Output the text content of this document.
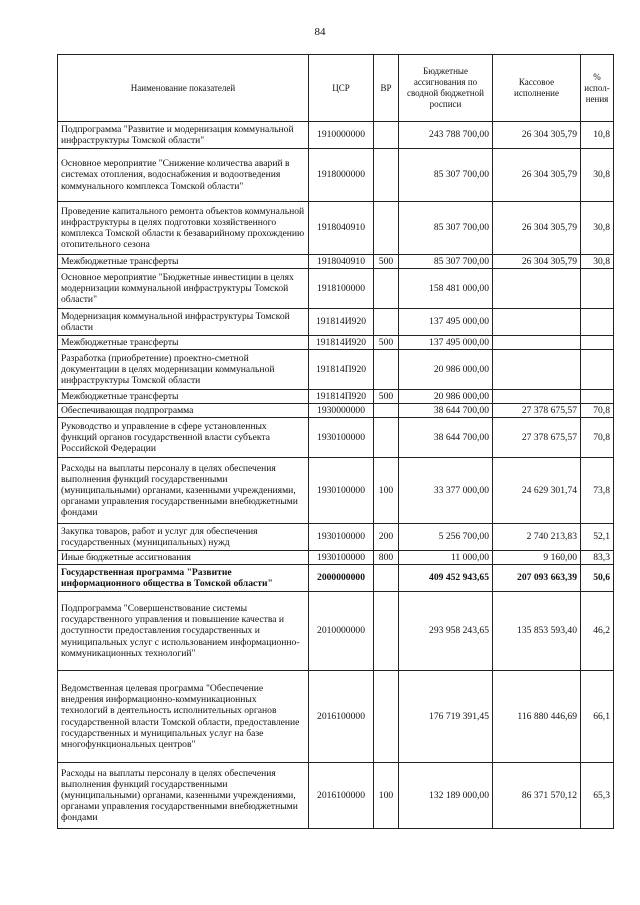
84
Наименование показателей	ЦСР	ВР	Бюджетные ассигнования по сводной бюджетной росписи	Кассовое исполнение	% испол- нения
Подпрограмма "Развитие и модернизация коммунальной инфраструктуры Томской области"	1910000000		243 788 700,00	26 304 305,79	10,8
Основное мероприятие "Снижение количества аварий в системах отопления, водоснабжения и водоотведения коммунального комплекса Томской области"	1918000000		85 307 700,00	26 304 305,79	30,8
Проведение капитального ремонта объектов коммунальной инфраструктуры в целях подготовки хозяйственного комплекса Томской области к безаварийному прохождению отопительного сезона	1918040910		85 307 700,00	26 304 305,79	30,8
Межбюджетные трансферты	1918040910	500	85 307 700,00	26 304 305,79	30,8
Основное мероприятие "Бюджетные инвестиции в целях модернизации коммунальной инфраструктуры Томской области"	1918100000		158 481 000,00		
Модернизация коммунальной инфраструктуры Томской области	191814И920		137 495 000,00		
Межбюджетные трансферты	191814И920	500	137 495 000,00		
Разработка (приобретение) проектно-сметной документации в целях модернизации коммунальной инфраструктуры Томской области	191814П920		20 986 000,00		
Межбюджетные трансферты	191814П920	500	20 986 000,00		
Обеспечивающая подпрограмма	1930000000		38 644 700,00	27 378 675,57	70,8
Руководство и управление в сфере установленных функций органов государственной власти субъекта Российской Федерации	1930100000		38 644 700,00	27 378 675,57	70,8
Расходы на выплаты персоналу в целях обеспечения выполнения функций государственными (муниципальными) органами, казенными учреждениями, органами управления государственными внебюджетными фондами	1930100000	100	33 377 000,00	24 629 301,74	73,8
Закупка товаров, работ и услуг для обеспечения государственных (муниципальных) нужд	1930100000	200	5 256 700,00	2 740 213,83	52,1
Иные бюджетные ассигнования	1930100000	800	11 000,00	9 160,00	83,3
Государственная программа "Развитие информационного общества в Томской области"	2000000000		409 452 943,65	207 093 663,39	50,6
Подпрограмма "Совершенствование системы государственного управления и повышение качества и доступности предоставления государственных и муниципальных услуг с использованием информационно-коммуникационных технологий"	2010000000		293 958 243,65	135 853 593,40	46,2
Ведомственная целевая программа "Обеспечение внедрения информационно-коммуникационных технологий в деятельность исполнительных органов государственной власти Томской области, предоставление государственных и муниципальных услуг на базе многофункциональных центров"	2016100000		176 719 391,45	116 880 446,69	66,1
Расходы на выплаты персоналу в целях обеспечения выполнения функций государственными (муниципальными) органами, казенными учреждениями, органами управления государственными внебюджетными фондами	2016100000	100	132 189 000,00	86 371 570,12	65,3
